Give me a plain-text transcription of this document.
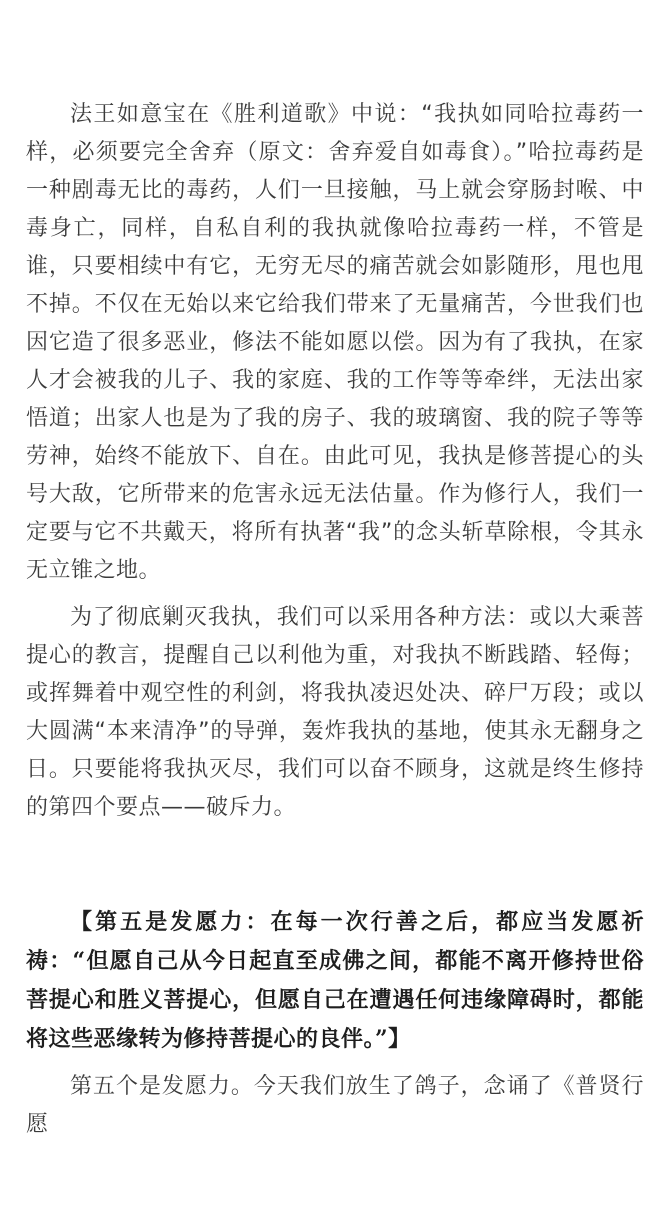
法王如意宝在《胜利道歌》中说：“我执如同哈拉毒药一样，必须要完全舍弃（原文：舍弃爱自如毒食）。”哈拉毒药是一种剧毒无比的毒药，人们一旦接触，马上就会穿肠封喉、中毒身亡，同样，自私自利的我执就像哈拉毒药一样，不管是谁，只要相续中有它，无穷无尽的痛苦就会如影随形，甩也甩不掉。不仅在无始以来它给我们带来了无量痛苦，今世我们也因它造了很多恶业，修法不能如愿以偿。因为有了我执，在家人才会被我的儿子、我的家庭、我的工作等等牵绊，无法出家悟道；出家人也是为了我的房子、我的玻璃窗、我的院子等等劳神，始终不能放下、自在。由此可见，我执是修菩提心的头号大敌，它所带来的危害永远无法估量。作为修行人，我们一定要与它不共戴天，将所有执著“我”的念头斩草除根，令其永无立锥之地。

为了彻底剿灭我执，我们可以采用各种方法：或以大乘菩提心的教言，提醒自己以利他为重，对我执不断践踏、轻侮；或挥舞着中观空性的利剑，将我执凌迟处决、碎尸万段；或以大圆满“本来清净”的导弹，轰炸我执的基地，使其永无翻身之日。只要能将我执灭尽，我们可以奋不顾身，这就是终生修持的第四个要点——破斥力。

【第五是发愿力：在每一次行善之后，都应当发愿祈祷：“但愿自己从今日起直至成佛之间，都能不离开修持世俗菩提心和胜义菩提心，但愿自己在遭遇任何违缘障碍时，都能将这些恶缘转为修持菩提心的良伴。”】

第五个是发愿力。今天我们放生了鸽子，念诵了《普贤行愿
